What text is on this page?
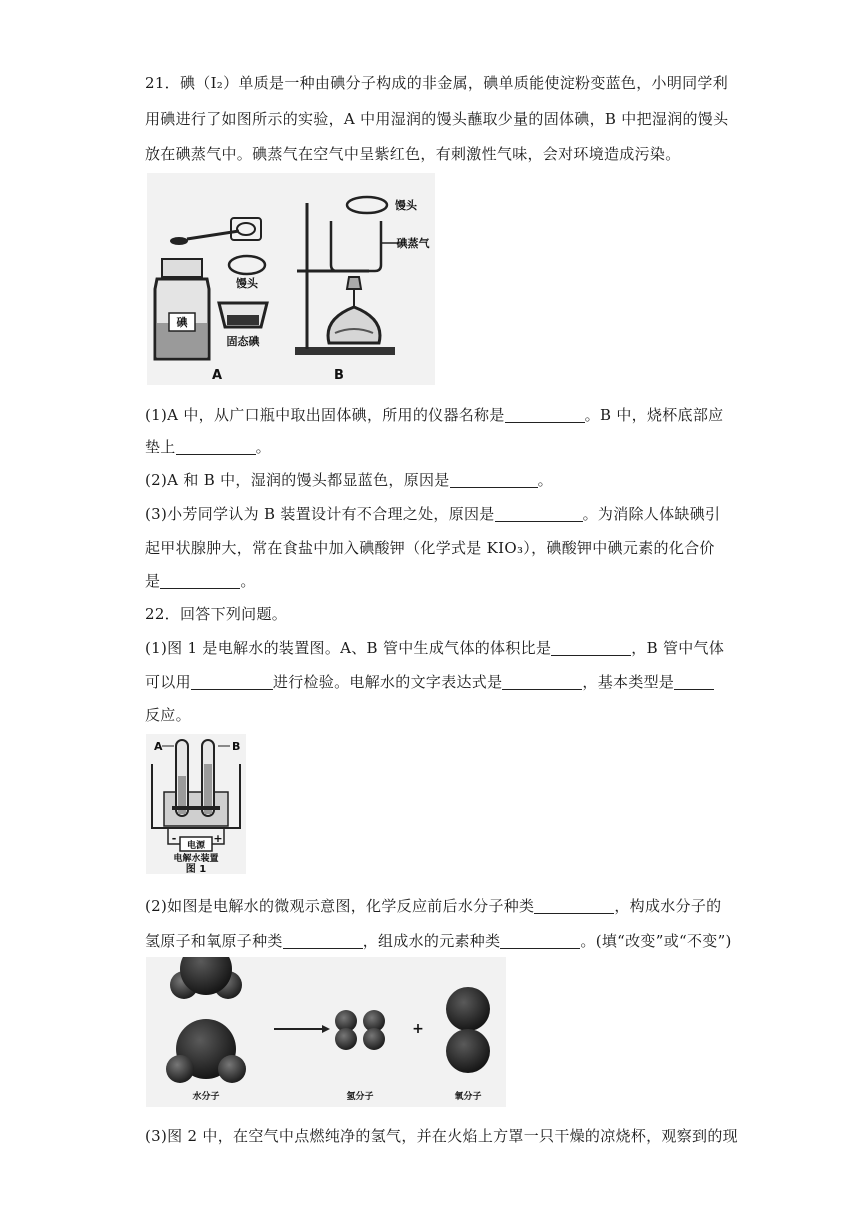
21．碘（I₂）单质是一种由碘分子构成的非金属，碘单质能使淀粉变蓝色，小明同学利
用碘进行了如图所示的实验，A 中用湿润的馒头蘸取少量的固体碘，B 中把湿润的馒头
放在碘蒸气中。碘蒸气在空气中呈紫红色，有刺激性气味，会对环境造成污染。
碘
馒头
固态碘
A
馒头
碘蒸气
B
(1)A 中，从广口瓶中取出固体碘，所用的仪器名称是	。B 中，烧杯底部应
垫上	。
(2)A 和 B 中，湿润的馒头都显蓝色，原因是	。
(3)小芳同学认为 B 装置设计有不合理之处，原因是	。为消除人体缺碘引
起甲状腺肿大，常在食盐中加入碘酸钾（化学式是 KIO₃），碘酸钾中碘元素的化合价
是	。
22．回答下列问题。
(1)图 1 是电解水的装置图。A、B 管中生成气体的体积比是	，B 管中气体
可以用	进行检验。电解水的文字表达式是	，基本类型是
反应。
A	B
电源
-	+
电解水装置
图 1
(2)如图是电解水的微观示意图，化学反应前后水分子种类	，构成水分子的
氢原子和氧原子种类	，组成水的元素种类	。(填“改变”或“不变”)
水分子	氢分子
+
氧分子
(3)图 2 中，在空气中点燃纯净的氢气，并在火焰上方罩一只干燥的凉烧杯，观察到的现
